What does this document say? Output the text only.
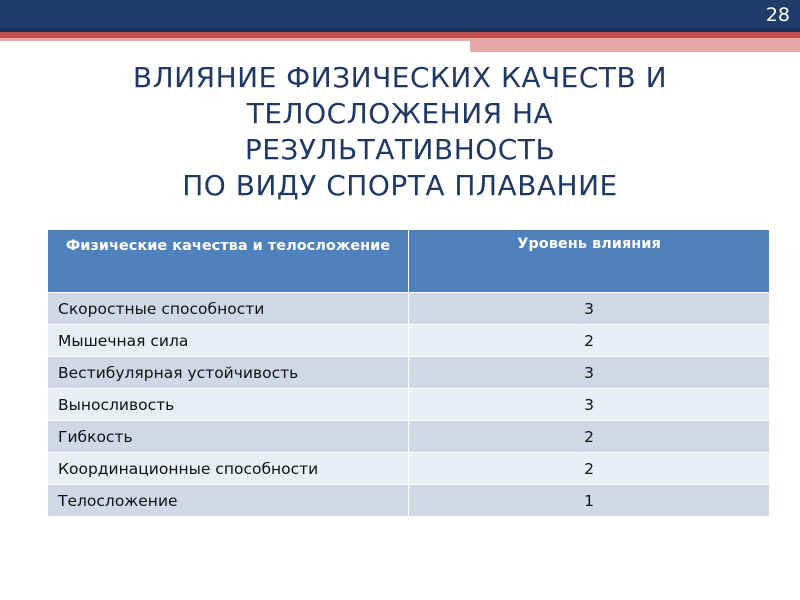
28
ВЛИЯНИЕ ФИЗИЧЕСКИХ КАЧЕСТВ И
ТЕЛОСЛОЖЕНИЯ НА
РЕЗУЛЬТАТИВНОСТЬ
ПО ВИДУ СПОРТА ПЛАВАНИЕ
Физические качества и телосложение	Уровень влияния
Скоростные способности	3
Мышечная сила	2
Вестибулярная устойчивость	3
Выносливость	3
Гибкость	2
Координационные способности	2
Телосложение	1
